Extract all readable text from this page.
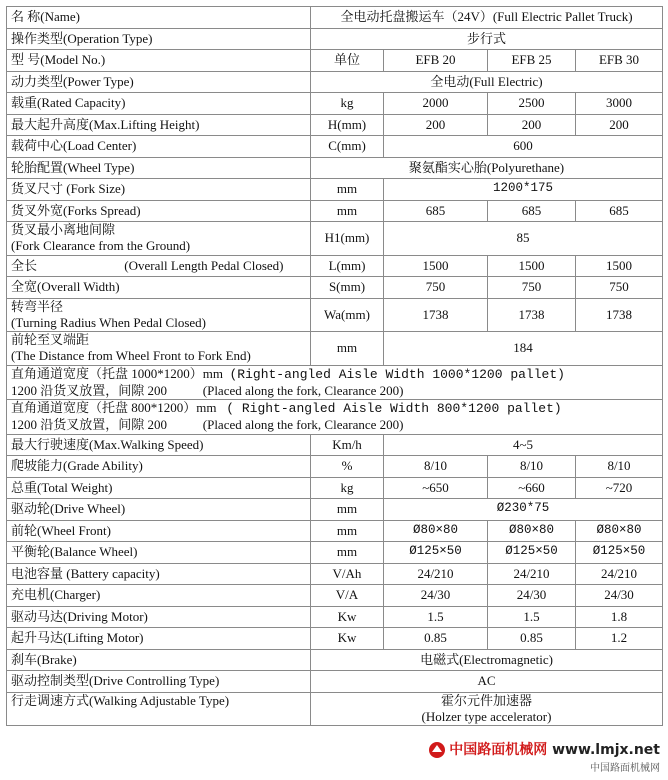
名 称(Name)	全电动托盘搬运车（24V）(Full Electric Pallet Truck)			
操作类型(Operation Type)	步行式			
型 号(Model No.)	单位	EFB 20	EFB 25	EFB 30
动力类型(Power Type)	全电动(Full Electric)			
载重(Rated Capacity)	kg	2000	2500	3000
最大起升高度(Max.Lifting Height)	H(mm)	200	200	200
载荷中心(Load Center)	C(mm)	600		
轮胎配置(Wheel Type)	聚氨酯实心胎(Polyurethane)			
货叉尺寸 (Fork Size)	mm	1200*175		
货叉外宽(Forks Spread)	mm	685	685	685

货叉最小离地间隙
(Fork Clearance from the Ground)	H1(mm)	85		
全长 (Overall Length Pedal Closed)	L(mm)	1500	1500	1500
全宽(Overall Width)	S(mm)	750	750	750

转弯半径
(Turning Radius When Pedal Closed)	Wa(mm)	1738	1738	1738

前轮至叉端距
(The Distance from Wheel Front to Fork End)	mm	184		

直角通道宽度（托盘 1000*1200）mm (Right-angled Aisle Width 1000*1200 pallet)
1200 沿货叉放置，间隙 200 (Placed along the fork, Clearance 200)				

直角通道宽度（托盘 800*1200）mm ( Right-angled Aisle Width 800*1200 pallet)
1200 沿货叉放置，间隙 200 (Placed along the fork, Clearance 200)				

最大行驶速度(Max.Walking Speed)	Km/h	4~5		
爬坡能力(Grade Ability)	%	8/10	8/10	8/10
总重(Total Weight)	kg	~650	~660	~720
驱动轮(Drive Wheel)	mm	Ø230*75		
前轮(Wheel Front)	mm	Ø80×80	Ø80×80	Ø80×80
平衡轮(Balance Wheel)	mm	Ø125×50	Ø125×50	Ø125×50
电池容量 (Battery capacity)	V/Ah	24/210	24/210	24/210
充电机(Charger)	V/A	24/30	24/30	24/30
驱动马达(Driving Motor)	Kw	1.5	1.5	1.8
起升马达(Lifting Motor)	Kw	0.85	0.85	1.2
刹车(Brake)	电磁式(Electromagnetic)			
驱动控制类型(Drive Controlling Type)	AC			
行走调速方式(Walking Adjustable Type)	霍尔元件加速器
(Holzer type accelerator)			
中国路面机械网 www.lmjx.net
中国路面机械网
